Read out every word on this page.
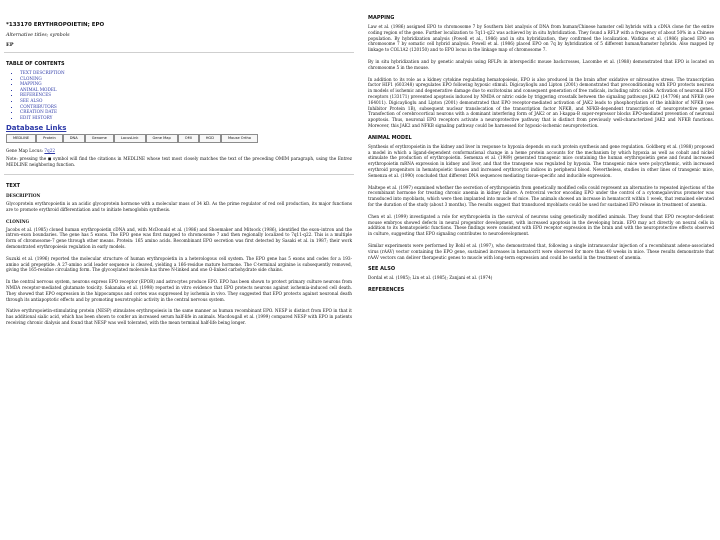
*133170 ERYTHROPOIETIN; EPO
Alternative titles; symbols
EP
TABLE OF CONTENTS
▪ TEXT DESCRIPTION
▪ CLONING
▪ MAPPING
▪ ANIMAL MODEL
▪ REFERENCES
▪ SEE ALSO
▪ CONTRIBUTORS
▪ CREATION DATE
▪ EDIT HISTORY
Database Links
MEDLINE	Protein	DNA	Genome	LocusLink	Gene Map	OMI	HGD	Mouse Ortho
Gene Map Locus: 7q22
Note: pressing the ◼ symbol will find the citations in MEDLINE whose text most closely matches the text of the preceding OMIM paragraph, using the Entrez MEDLINE neighboring function.
TEXT
DESCRIPTION
Glycoprotein erythropoietin is an acidic glycoprotein hormone with a molecular mass of 34 kD. As the prime regulator of red cell production, its major functions are to promote erythroid differentiation and to initiate hemoglobin synthesis.
CLONING
Jacobs et al. (1985) cloned human erythropoietin cDNA and, with McDonald et al. (1986) and Shoemaker and Mitsock (1986), identified the exon–intron and the intron–exon boundaries. The gene has 5 exons. The EPO gene was first mapped to chromosome 7 and then regionally localized to 7q11-q22. This is a multiple form of chromosome-7 gene through other means. Protein: 165 amino acids. Recombinant EPO secretion was first detected by Sasaki et al. in 1987; their work demonstrated erythropoiesis regulation in early models.
Suzuki et al. (1996) reported the molecular structure of human erythropoietin in a heterologous cell system. The EPO gene has 5 exons and codes for a 193-amino acid prepeptide. A 27-amino acid leader sequence is cleaved, yielding a 166-residue mature hormone. The C-terminal arginine is subsequently removed, giving the 165-residue circulating form. The glycosylated molecule has three N-linked and one O-linked carbohydrate side chains.
In the central nervous system, neurons express EPO receptor (EPOR) and astrocytes produce EPO. EPO has been shown to protect primary culture neurons from NMDA receptor-mediated glutamate toxicity. Sakanaka et al. (1998) reported in vitro evidence that EPO protects neurons against ischemia-induced cell death. They showed that EPO expression in the hippocampus and cortex was suppressed by ischemia in vivo. They suggested that EPO protects against neuronal death through its antiapoptotic effects and by promoting neurotrophic activity in the central nervous system.
Native erythropoietin-stimulating protein (NESP) stimulates erythropoiesis in the same manner as human recombinant EPO. NESP is distinct from EPO in that it has additional sialic acid, which has been shown to confer an increased serum half-life in animals. Macdougall et al. (1999) compared NESP with EPO in patients receiving chronic dialysis and found that NESP was well tolerated, with the mean terminal half-life being longer.
MAPPING
Law et al. (1986) assigned EPO to chromosome 7 by Southern blot analysis of DNA from human/Chinese hamster cell hybrids with a cDNA clone for the entire coding region of the gene. Further localization to 7q11-q22 was achieved by in situ hybridization. They found a RFLP with a frequency of about 50% in a Chinese population. By hybridization analysis (Powell et al., 1986) and in situ hybridization, they confirmed the localization. Watkins et al. (1986) placed EPO on chromosome 7 by somatic cell hybrid analysis. Powell et al. (1986) placed EPO on 7q by hybridization of 5 different human/hamster hybrids. Also mapped by linkage to COL1A2 (120150) and to EPO locus in the linkage map of chromosome 7.
By in situ hybridization and by genetic analysis using RFLPs in interspecific mouse backcrosses, Lacombe et al. (1988) demonstrated that EPO is located on chromosome 5 in the mouse.
In addition to its role as a kidney cytokine regulating hematopoiesis, EPO is also produced in the brain after oxidative or nitrosative stress. The transcription factor HIF1 (603348) upregulates EPO following hypoxic stimuli. Digicaylioglu and Lipton (2001) demonstrated that preconditioning with EPO protects neurons in models of ischemic and degenerative damage due to excitotoxins and consequent generation of free radicals, including nitric oxide. Activation of neuronal EPO receptors (133171) prevented apoptosis induced by NMDA or nitric oxide by triggering crosstalk between the signaling pathways JAK2 (147796) and NFKB (see 164011). Digicaylioglu and Lipton (2001) demonstrated that EPO receptor-mediated activation of JAK2 leads to phosphorylation of the inhibitor of NFKB (see Inhibitor Protein 1B), subsequent nuclear translocation of the transcription factor NFKB, and NFKB-dependent transcription of neuroprotective genes. Transfection of cerebrocortical neurons with a dominant interfering form of JAK2 or an I-kappa-B super-repressor blocks EPO-mediated prevention of neuronal apoptosis. Thus, neuronal EPO receptors activate a neuroprotective pathway that is distinct from previously well-characterized JAK2 and NFKB functions. Moreover, this JAK2 and NFKB signaling pathway could be harnessed for hypoxic-ischemic neuroprotection.
ANIMAL MODEL
Synthesis of erythropoietin in the kidney and liver in response to hypoxia depends on such protein synthesis and gene regulation. Goldberg et al. (1988) proposed a model in which a ligand-dependent conformational change in a heme protein accounts for the mechanism by which hypoxia as well as cobalt and nickel stimulate the production of erythropoietin. Semenza et al. (1989) generated transgenic mice containing the human erythropoietin gene and found increased erythropoietin mRNA expression in kidney and liver, and that the transgene was regulated by hypoxia. The transgenic mice were polycythemic, with increased erythroid progenitors in hematopoietic tissues and increased erythrocytic indices in peripheral blood. Nevertheless, studies in other lines of transgenic mice, Semenza et al. (1990) concluded that different DNA sequences mediating tissue-specific and inducible expression.
Maltepe et al. (1997) examined whether the secretion of erythropoietin from genetically modified cells could represent an alternative to repeated injections of the recombinant hormone for treating chronic anemia in kidney failure. A retroviral vector encoding EPO under the control of a cytomegalovirus promoter was transduced into myoblasts, which were then implanted into muscle of mice. The animals showed an increase in hematocrit within 1 week, that remained elevated for the duration of the study (about 3 months). The results suggest that transduced myoblasts could be used for sustained EPO release in treatment of anemia.
Chen et al. (1999) investigated a role for erythropoietin in the survival of neurons using genetically modified animals. They found that EPO receptor-deficient mouse embryos showed defects in neural progenitor development, with increased apoptosis in the developing brain. EPO may act directly on neural cells in addition to its hematopoietic functions. These findings were consistent with EPO receptor expression in the brain and with the neuroprotective effects observed in culture, suggesting that EPO signaling contributes to neurodevelopment.
Similar experiments were performed by Bohl et al. (1997), who demonstrated that, following a single intramuscular injection of a recombinant adeno-associated virus (rAAV) vector containing the EPO gene, sustained increases in hematocrit were observed for more than 40 weeks in mice. These results demonstrate that rAAV vectors can deliver therapeutic genes to muscle with long-term expression and could be useful in the treatment of anemia.
SEE ALSO
Dordal et al. (1985); Lin et al. (1985); Zanjani et al. (1974)
REFERENCES
